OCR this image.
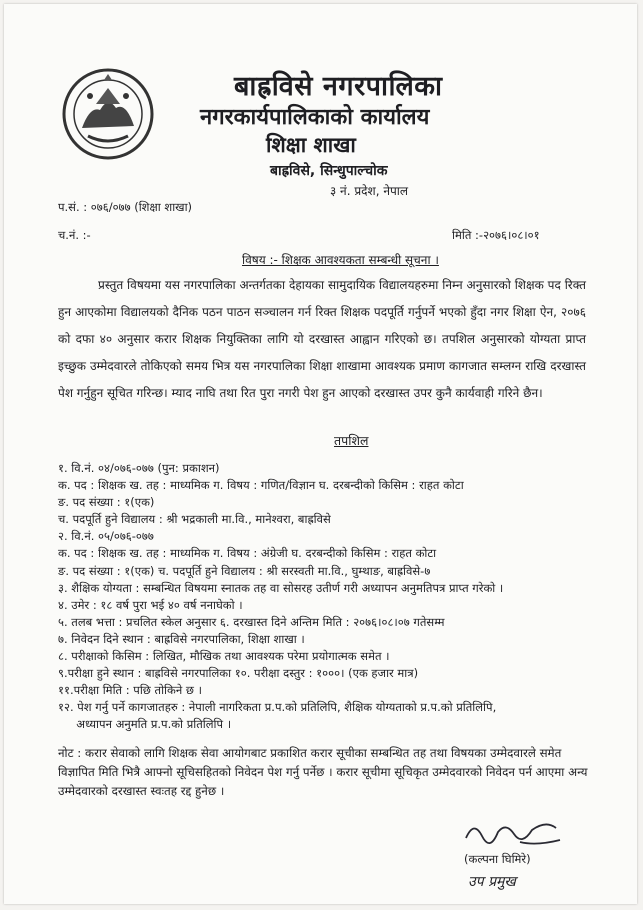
बाह्रविसे नगरपालिका
नगरकार्यपालिकाको कार्यालय
शिक्षा शाखा
बाह्रविसे, सिन्धुपाल्चोक
३ नं. प्रदेश, नेपाल
प.सं. : ०७६/०७७ (शिक्षा शाखा)
च.नं. :-	मिति :-२०७६।०८।०१
विषय :- शिक्षक आवश्यकता सम्बन्धी सूचना ।

प्रस्तुत विषयमा यस नगरपालिका अन्तर्गतका देहायका सामुदायिक विद्यालयहरुमा निम्न अनुसारको शिक्षक पद रिक्त हुन आएकोमा विद्यालयको दैनिक पठन पाठन सञ्चालन गर्न रिक्त शिक्षक पदपूर्ति गर्नुपर्ने भएको हुँदा नगर शिक्षा ऐन, २०७६ को दफा ४० अनुसार करार शिक्षक नियुक्तिका लागि यो दरखास्त आह्वान गरिएको छ। तपशिल अनुसारको योग्यता प्राप्त इच्छुक उम्मेदवारले तोकिएको समय भित्र यस नगरपालिका शिक्षा शाखामा आवश्यक प्रमाण कागजात सम्लग्न राखि दरखास्त पेश गर्नुहुन सूचित गरिन्छ। म्याद नाघि तथा रित पुरा नगरी पेश हुन आएको दरखास्त उपर कुनै कार्यवाही गरिने छैन।

तपशिल
१. वि.नं. ०४/०७६-०७७ (पुन: प्रकाशन)
क. पद : शिक्षक ख. तह : माध्यमिक ग. विषय : गणित/विज्ञान घ. दरबन्दीको किसिम : राहत कोटा
ङ. पद संख्या : १(एक)
च. पदपूर्ति हुने विद्यालय : श्री भद्रकाली मा.वि., मानेश्वरा, बाह्रविसे
२. वि.नं. ०५/०७६-०७७
क. पद : शिक्षक ख. तह : माध्यमिक ग. विषय : अंग्रेजी घ. दरबन्दीको किसिम : राहत कोटा
ङ. पद संख्या : १(एक) च. पदपूर्ति हुने विद्यालय : श्री सरस्वती मा.वि., घुम्थाङ, बाह्रविसे-७
३. शैक्षिक योग्यता : सम्बन्धित विषयमा स्नातक तह वा सोसरह उतीर्ण गरी अध्यापन अनुमतिपत्र प्राप्त गरेको ।
४. उमेर : १८ वर्ष पुरा भई ४० वर्ष ननाघेको ।
५. तलब भत्ता : प्रचलित स्केल अनुसार ६. दरखास्त दिने अन्तिम मिति : २०७६।०८।०७ गतेसम्म
७. निवेदन दिने स्थान : बाह्रविसे नगरपालिका, शिक्षा शाखा ।
८. परीक्षाको किसिम : लिखित, मौखिक तथा आवश्यक परेमा प्रयोगात्मक समेत ।
९.परीक्षा हुने स्थान : बाह्रविसे नगरपालिका १०. परीक्षा दस्तुर : १०००। (एक हजार मात्र)
११.परीक्षा मिति : पछि तोकिने छ ।
१२. पेश गर्नु पर्ने कागजातहरु : नेपाली नागरिकता प्र.प.को प्रतिलिपि, शैक्षिक योग्यताको प्र.प.को प्रतिलिपि,
अध्यापन अनुमति प्र.प.को प्रतिलिपि ।
नोट : करार सेवाको लागि शिक्षक सेवा आयोगबाट प्रकाशित करार सूचीका सम्बन्धित तह तथा विषयका उम्मेदवारले समेत विज्ञापित मिति भित्रै आफ्नो सूचिसहितको निवेदन पेश गर्नु पर्नेछ । करार सूचीमा सूचिकृत उम्मेदवारको निवेदन पर्न आएमा अन्य उम्मेदवारको दरखास्त स्वःतह रद्द हुनेछ ।
(कल्पना घिमिरे)
उप प्रमुख
